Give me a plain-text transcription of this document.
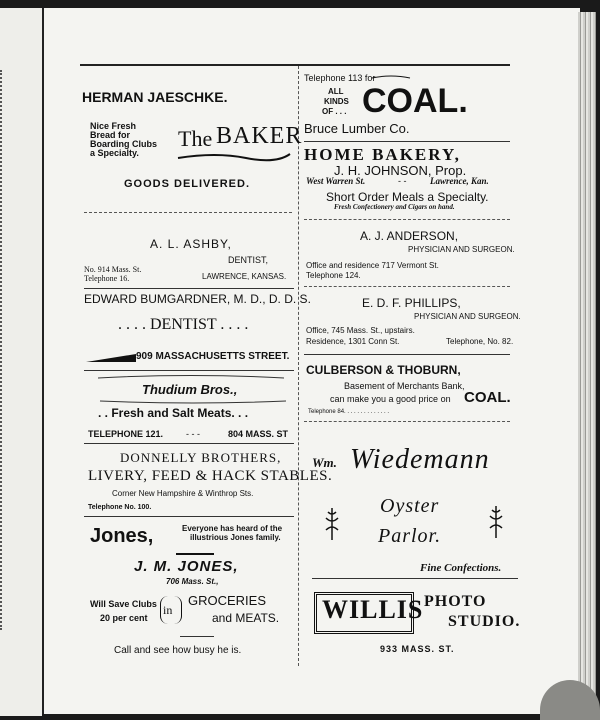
HERMAN JAESCHKE.
Nice Fresh
Bread for
Boarding Clubs
a Specialty.
The BAKER
GOODS DELIVERED.
A. L. ASHBY,
DENTIST,
No. 914 Mass. St.
Telephone 16.	LAWRENCE, KANSAS.
EDWARD BUMGARDNER, M. D., D. D. S.
. . . . DENTIST . . . .
909 MASSACHUSETTS STREET.
Thudium Bros.,
. . Fresh and Salt Meats. . .
TELEPHONE 121.	- - -	804 MASS. ST
DONNELLY BROTHERS,
LIVERY, FEED & HACK STABLES.
Corner New Hampshire & Winthrop Sts.
Telephone No. 100.
Jones,	Everyone has heard of the
illustrious Jones family.
J. M. JONES,
706 Mass. St.,
Will Save Clubs
20 per cent
in
GROCERIES
and MEATS.
Call and see how busy he is.
Telephone 113 for
ALL
KINDS
OF . . . COAL.
Bruce Lumber Co.
HOME BAKERY,
J. H. JOHNSON, Prop.
West Warren St.	- -	Lawrence, Kan.
Short Order Meals a Specialty.
Fresh Confectionery and Cigars on hand.
A. J. ANDERSON,
PHYSICIAN AND SURGEON.
Office and residence 717 Vermont St.
Telephone 124.
E. D. F. PHILLIPS,
PHYSICIAN AND SURGEON.
Office, 745 Mass. St., upstairs.
Residence, 1301 Conn St.	Telephone, No. 82.
CULBERSON & THOBURN,
Basement of Merchants Bank,
can make you a good price on COAL.
Telephone 84. . . . . . . . . . . . . .
Wm. Wiedemann
Oyster
Parlor.
Fine Confections.
WILLIS PHOTO
STUDIO.
933 MASS. ST.
